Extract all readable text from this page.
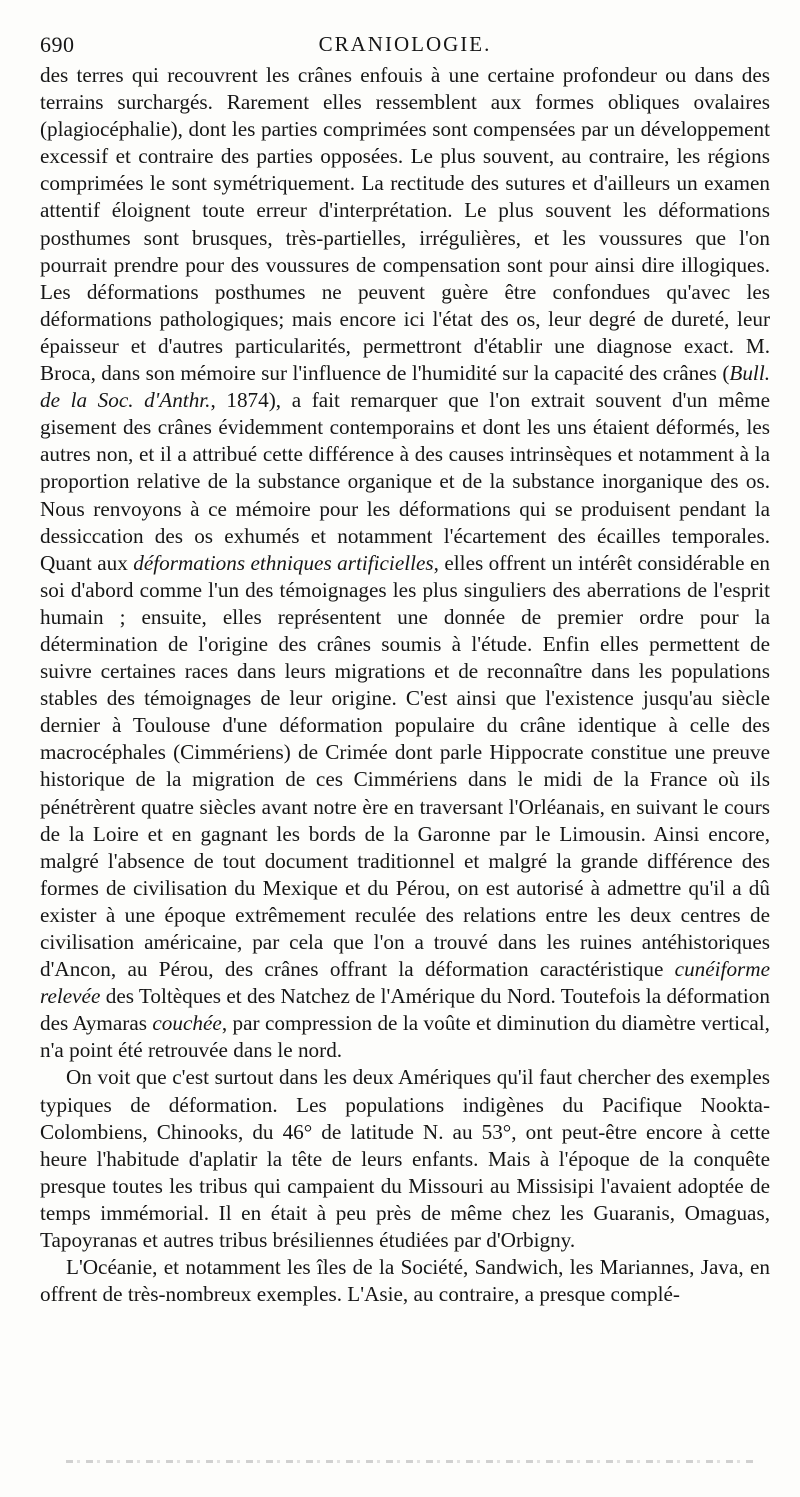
690	CRANIOLOGIE.

des terres qui recouvrent les crânes enfouis à une certaine profondeur ou dans des terrains surchargés. Rarement elles ressemblent aux formes obliques ovalaires (plagiocéphalie), dont les parties comprimées sont compensées par un développement excessif et contraire des parties opposées. Le plus souvent, au contraire, les régions comprimées le sont symétriquement. La rectitude des sutures et d'ailleurs un examen attentif éloignent toute erreur d'interprétation. Le plus souvent les déformations posthumes sont brusques, très-partielles, irrégulières, et les voussures que l'on pourrait prendre pour des voussures de compensation sont pour ainsi dire illogiques. Les déformations posthumes ne peuvent guère être confondues qu'avec les déformations pathologiques; mais encore ici l'état des os, leur degré de dureté, leur épaisseur et d'autres particularités, permettront d'établir une diagnose exact. M. Broca, dans son mémoire sur l'influence de l'humidité sur la capacité des crânes (Bull. de la Soc. d'Anthr., 1874), a fait remarquer que l'on extrait souvent d'un même gisement des crânes évidemment contemporains et dont les uns étaient déformés, les autres non, et il a attribué cette différence à des causes intrinsèques et notamment à la proportion relative de la substance organique et de la substance inorganique des os. Nous renvoyons à ce mémoire pour les déformations qui se produisent pendant la dessiccation des os exhumés et notamment l'écartement des écailles temporales. Quant aux déformations ethniques artificielles, elles offrent un intérêt considérable en soi d'abord comme l'un des témoignages les plus singuliers des aberrations de l'esprit humain ; ensuite, elles représentent une donnée de premier ordre pour la détermination de l'origine des crânes soumis à l'étude. Enfin elles permettent de suivre certaines races dans leurs migrations et de reconnaître dans les populations stables des témoignages de leur origine. C'est ainsi que l'existence jusqu'au siècle dernier à Toulouse d'une déformation populaire du crâne identique à celle des macrocéphales (Cimmériens) de Crimée dont parle Hippocrate constitue une preuve historique de la migration de ces Cimmériens dans le midi de la France où ils pénétrèrent quatre siècles avant notre ère en traversant l'Orléanais, en suivant le cours de la Loire et en gagnant les bords de la Garonne par le Limousin. Ainsi encore, malgré l'absence de tout document traditionnel et malgré la grande différence des formes de civilisation du Mexique et du Pérou, on est autorisé à admettre qu'il a dû exister à une époque extrêmement reculée des relations entre les deux centres de civilisation américaine, par cela que l'on a trouvé dans les ruines antéhistoriques d'Ancon, au Pérou, des crânes offrant la déformation caractéristique cunéiforme relevée des Toltèques et des Natchez de l'Amérique du Nord. Toutefois la déformation des Aymaras couchée, par compression de la voûte et diminution du diamètre vertical, n'a point été retrouvée dans le nord.

On voit que c'est surtout dans les deux Amériques qu'il faut chercher des exemples typiques de déformation. Les populations indigènes du Pacifique Nookta-Colombiens, Chinooks, du 46° de latitude N. au 53°, ont peut-être encore à cette heure l'habitude d'aplatir la tête de leurs enfants. Mais à l'époque de la conquête presque toutes les tribus qui campaient du Missouri au Missisipi l'avaient adoptée de temps immémorial. Il en était à peu près de même chez les Guaranis, Omaguas, Tapoyranas et autres tribus brésiliennes étudiées par d'Orbigny.

L'Océanie, et notamment les îles de la Société, Sandwich, les Mariannes, Java, en offrent de très-nombreux exemples. L'Asie, au contraire, a presque complé-
